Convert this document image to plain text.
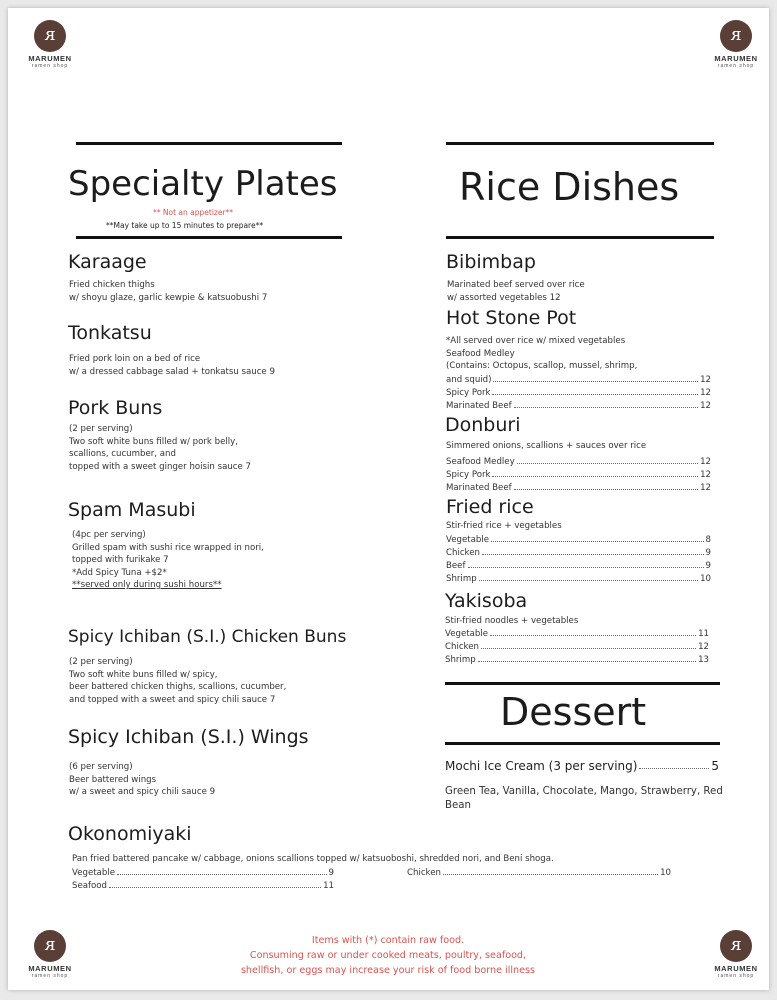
ᴙ
MARUMEN
ramen shop
ᴙ
MARUMEN
ramen shop
ᴙ
MARUMEN
ramen shop
ᴙ
MARUMEN
ramen shop
Specialty Plates
** Not an appetizer**
**May take up to 15 minutes to prepare**
Karaage
Fried chicken thighs
w/ shoyu glaze, garlic kewpie & katsuobushi 7
Tonkatsu
Fried pork loin on a bed of rice
w/ a dressed cabbage salad + tonkatsu sauce 9
Pork Buns
(2 per serving)
Two soft white buns filled w/ pork belly,
scallions, cucumber, and
topped with a sweet ginger hoisin sauce 7
Spam Masubi
(4pc per serving)
Grilled spam with sushi rice wrapped in nori,
topped with furikake 7
*Add Spicy Tuna +$2*
**served only during sushi hours**
Spicy Ichiban (S.I.) Chicken Buns
(2 per serving)
Two soft white buns filled w/ spicy,
beer battered chicken thighs, scallions, cucumber,
and topped with a sweet and spicy chili sauce 7
Spicy Ichiban (S.I.) Wings
(6 per serving)
Beer battered wings
w/ a sweet and spicy chili sauce 9
Rice Dishes
Bibimbap
Marinated beef served over rice
w/ assorted vegetables 12
Hot Stone Pot
*All served over rice w/ mixed vegetables
Seafood Medley
(Contains: Octopus, scallop, mussel, shrimp,
and squid)	12
Spicy Pork	12
Marinated Beef	12
Donburi
Simmered onions, scallions + sauces over rice
Seafood Medley	12
Spicy Pork	12
Marinated Beef	12
Fried rice
Stir-fried rice + vegetables
Vegetable	8
Chicken	9
Beef	9
Shrimp	10
Yakisoba
Stir-fried noodles + vegetables
Vegetable	11
Chicken	12
Shrimp	13
Dessert
Mochi Ice Cream (3 per serving)	5
Green Tea, Vanilla, Chocolate, Mango, Strawberry, Red Bean
Okonomiyaki
Pan fried battered pancake w/ cabbage, onions scallions topped w/ katsuoboshi, shredded nori, and Beni shoga.
Vegetable	9
Seafood	11
Chicken	10
Items with (*) contain raw food.
Consuming raw or under cooked meats, poultry, seafood,
shellfish, or eggs may increase your risk of food borne illness
